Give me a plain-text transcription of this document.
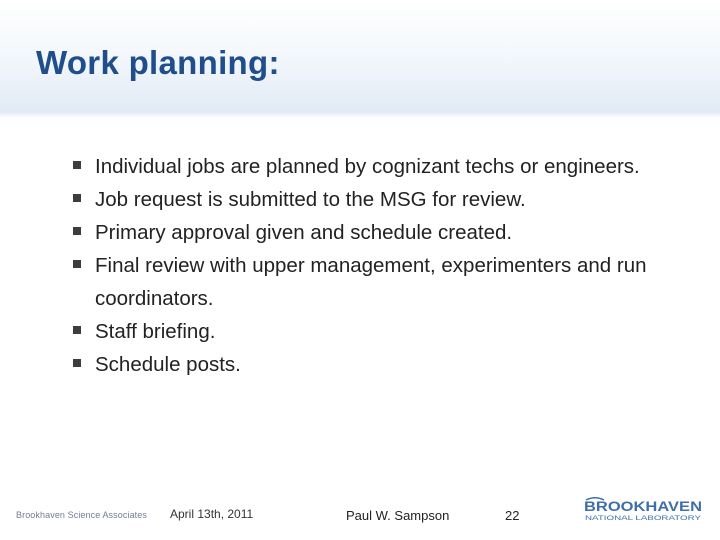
Work planning:
Individual jobs are planned by cognizant techs or engineers.
Job request is submitted to the MSG for review.
Primary approval given and schedule created.
Final review with upper management, experimenters and run coordinators.
Staff briefing.
Schedule posts.
Brookhaven Science Associates April 13th, 2011	Paul W. Sampson	22
BROOKHAVEN
NATIONAL LABORATORY
